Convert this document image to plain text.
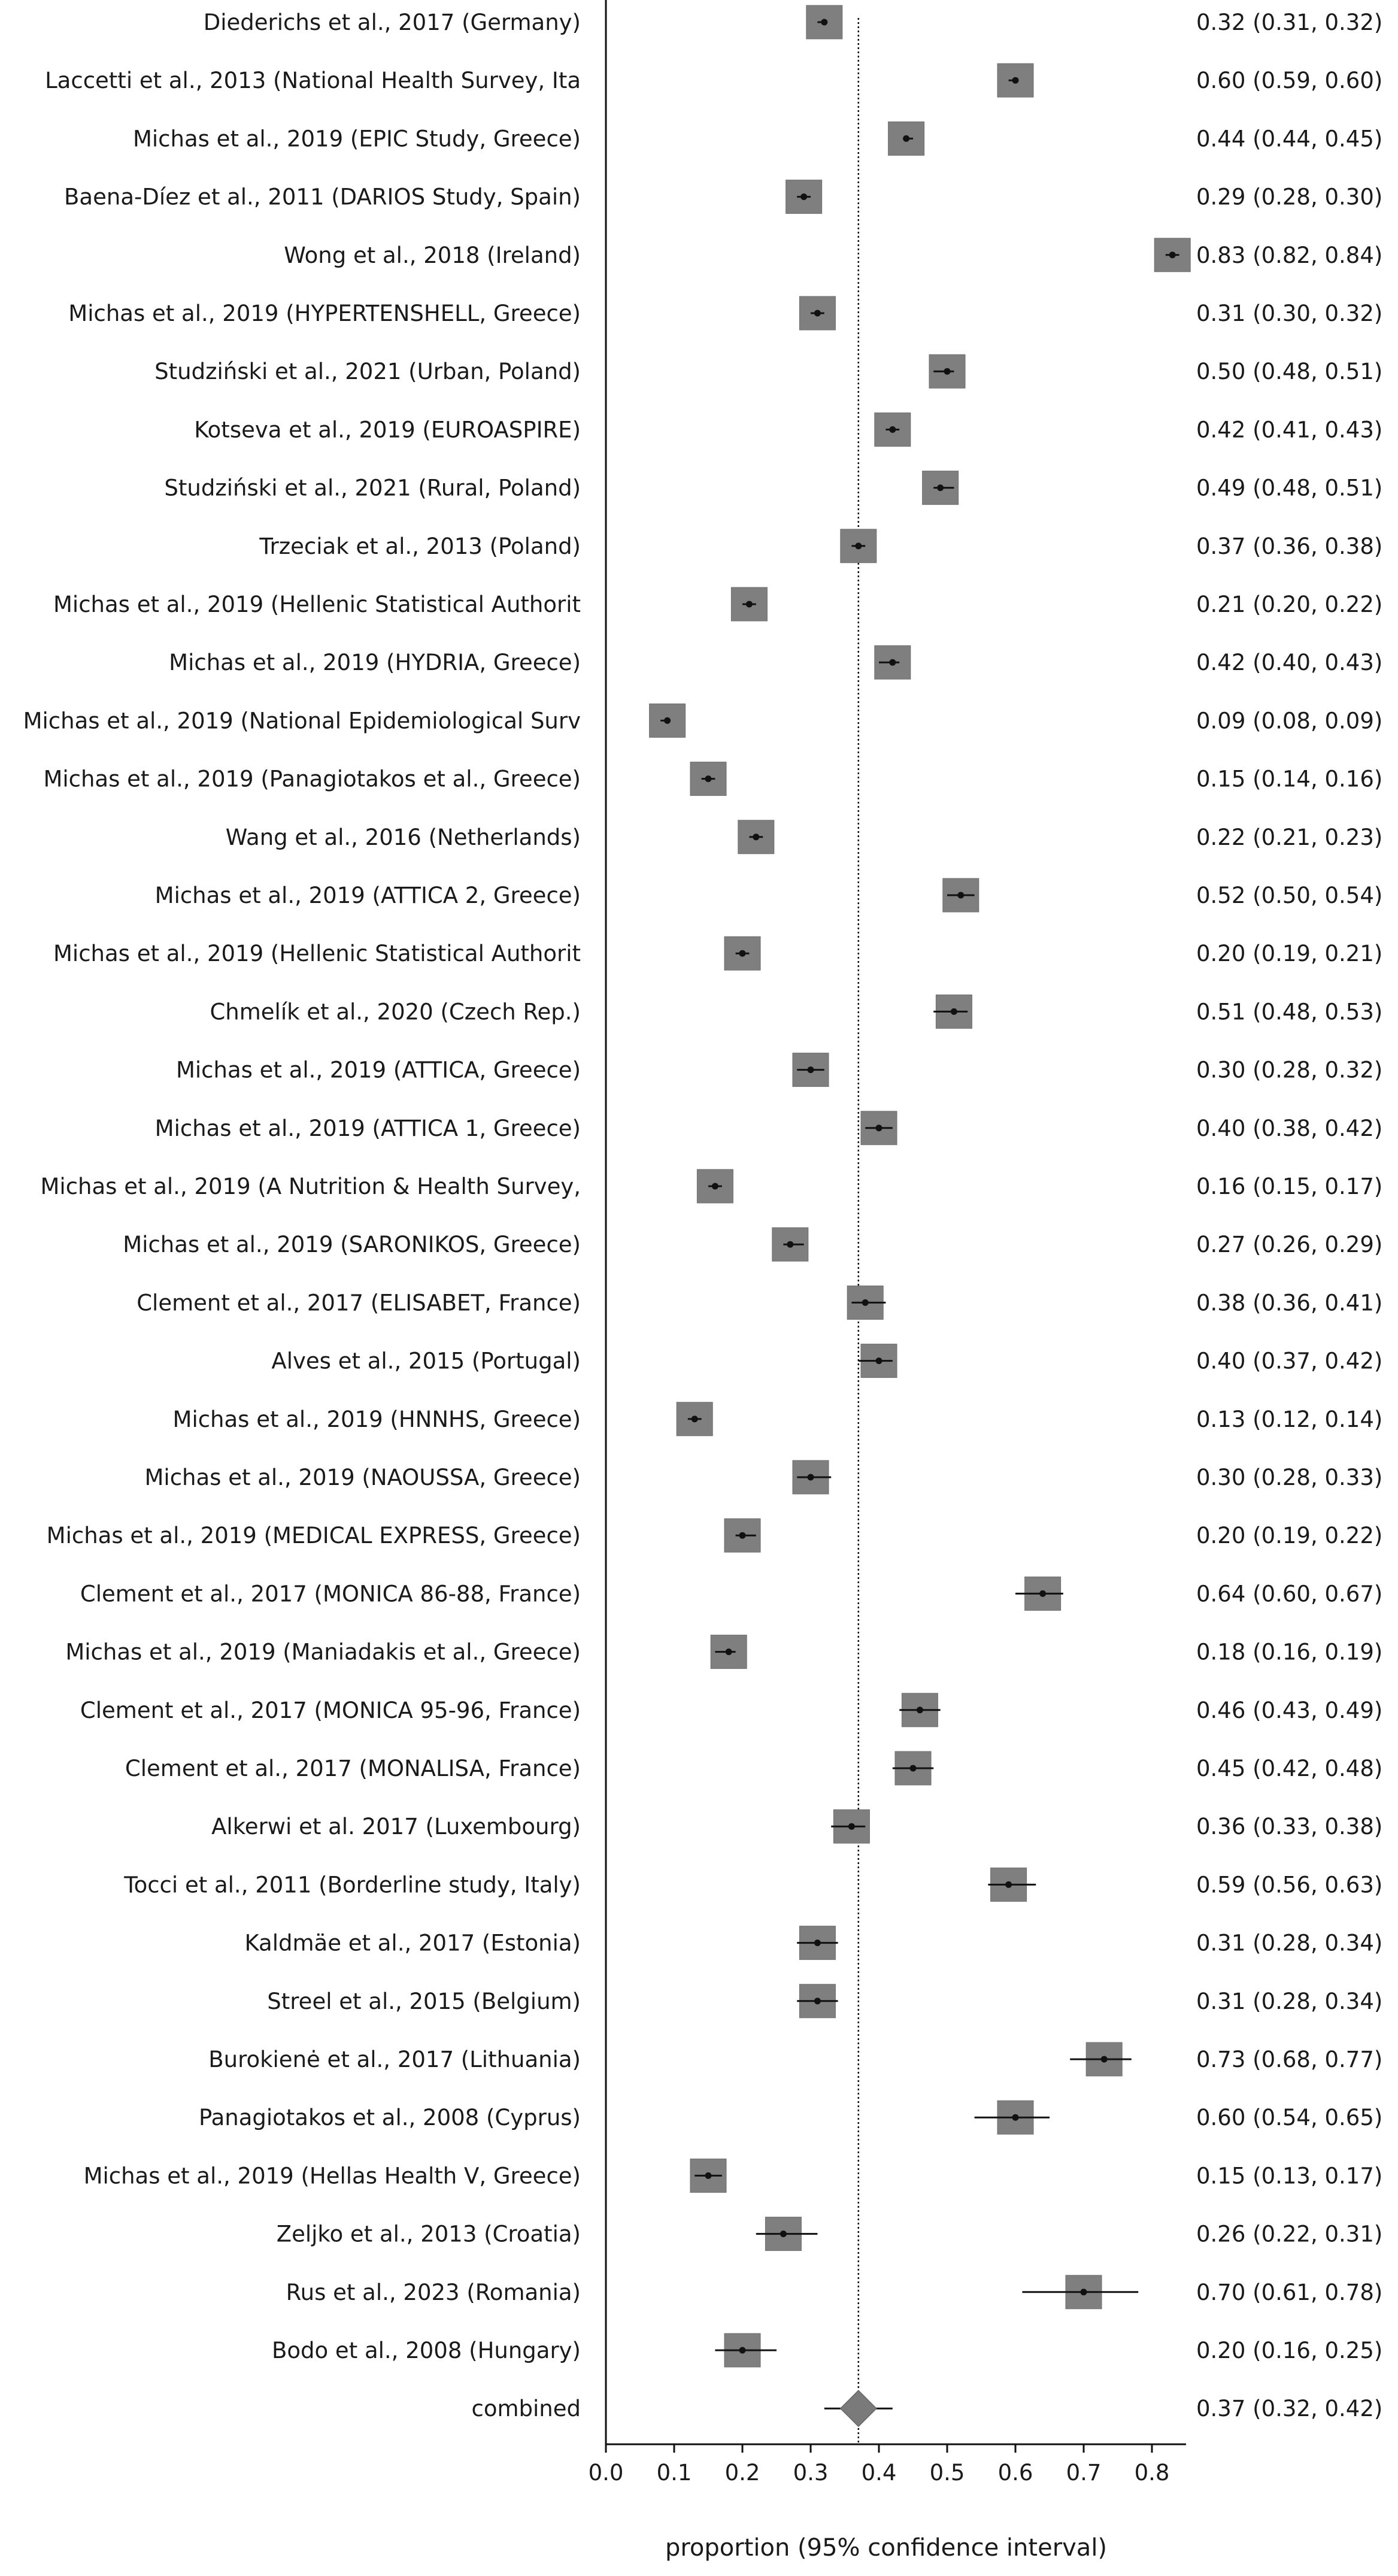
Diederichs et al., 2017 (Germany)
Laccetti et al., 2013 (National Health Survey, Ita
Michas et al., 2019 (EPIC Study, Greece)
Baena-Díez et al., 2011 (DARIOS Study, Spain)
Wong et al., 2018 (Ireland)
Michas et al., 2019 (HYPERTENSHELL, Greece)
Studziński et al., 2021 (Urban, Poland)
Kotseva et al., 2019 (EUROASPIRE)
Studziński et al., 2021 (Rural, Poland)
Trzeciak et al., 2013 (Poland)
Michas et al., 2019 (Hellenic Statistical Authorit
Michas et al., 2019 (HYDRIA, Greece)
Michas et al., 2019 (National Epidemiological Surv
Michas et al., 2019 (Panagiotakos et al., Greece)
Wang et al., 2016 (Netherlands)
Michas et al., 2019 (ATTICA 2, Greece)
Michas et al., 2019 (Hellenic Statistical Authorit
Chmelík et al., 2020 (Czech Rep.)
Michas et al., 2019 (ATTICA, Greece)
Michas et al., 2019 (ATTICA 1, Greece)
Michas et al., 2019 (A Nutrition & Health Survey,
Michas et al., 2019 (SARONIKOS, Greece)
Clement et al., 2017 (ELISABET, France)
Alves et al., 2015 (Portugal)
Michas et al., 2019 (HNNHS, Greece)
Michas et al., 2019 (NAOUSSA, Greece)
Michas et al., 2019 (MEDICAL EXPRESS, Greece)
Clement et al., 2017 (MONICA 86-88, France)
Michas et al., 2019 (Maniadakis et al., Greece)
Clement et al., 2017 (MONICA 95-96, France)
Clement et al., 2017 (MONALISA, France)
Alkerwi et al. 2017 (Luxembourg)
Tocci et al., 2011 (Borderline study, Italy)
Kaldmäe et al., 2017 (Estonia)
Streel et al., 2015 (Belgium)
Burokienė et al., 2017 (Lithuania)
Panagiotakos et al., 2008 (Cyprus)
Michas et al., 2019 (Hellas Health V, Greece)
Zeljko et al., 2013 (Croatia)
Rus et al., 2023 (Romania)
Bodo et al., 2008 (Hungary)
combined
0.0 0.1 0.2 0.3 0.4 0.5 0.6 0.7 0.8
0.32 (0.31, 0.32)
0.60 (0.59, 0.60)
0.44 (0.44, 0.45)
0.29 (0.28, 0.30)
0.83 (0.82, 0.84)
0.31 (0.30, 0.32)
0.50 (0.48, 0.51)
0.42 (0.41, 0.43)
0.49 (0.48, 0.51)
0.37 (0.36, 0.38)
0.21 (0.20, 0.22)
0.42 (0.40, 0.43)
0.09 (0.08, 0.09)
0.15 (0.14, 0.16)
0.22 (0.21, 0.23)
0.52 (0.50, 0.54)
0.20 (0.19, 0.21)
0.51 (0.48, 0.53)
0.30 (0.28, 0.32)
0.40 (0.38, 0.42)
0.16 (0.15, 0.17)
0.27 (0.26, 0.29)
0.38 (0.36, 0.41)
0.40 (0.37, 0.42)
0.13 (0.12, 0.14)
0.30 (0.28, 0.33)
0.20 (0.19, 0.22)
0.64 (0.60, 0.67)
0.18 (0.16, 0.19)
0.46 (0.43, 0.49)
0.45 (0.42, 0.48)
0.36 (0.33, 0.38)
0.59 (0.56, 0.63)
0.31 (0.28, 0.34)
0.31 (0.28, 0.34)
0.73 (0.68, 0.77)
0.60 (0.54, 0.65)
0.15 (0.13, 0.17)
0.26 (0.22, 0.31)
0.70 (0.61, 0.78)
0.20 (0.16, 0.25)
0.37 (0.32, 0.42)
proportion (95% confidence interval)
